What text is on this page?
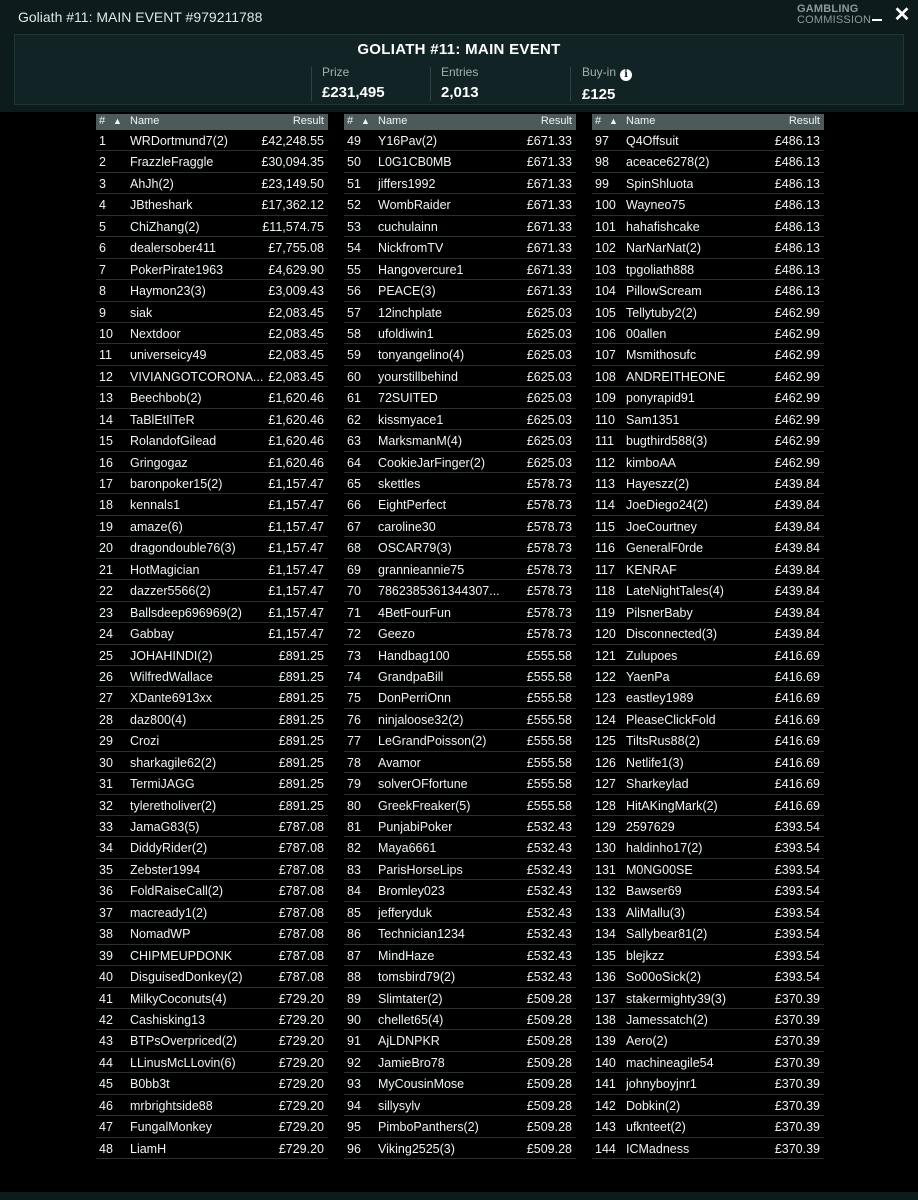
Goliath #11: MAIN EVENT #979211788	GAMBLING
COMMISSION ✕
GOLIATH #11: MAIN EVENT
Prize
£231,495
Entries
2,013
Buy-in i
£125
# ▲ Name	Result
1 WRDortmund7(2)	£42,248.55
2 FrazzleFraggle	£30,094.35
3 AhJh(2)	£23,149.50
4 JBtheshark	£17,362.12
5 ChiZhang(2)	£11,574.75
6 dealersober411	£7,755.08
7 PokerPirate1963	£4,629.90
8 Haymon23(3)	£3,009.43
9 siak	£2,083.45
10 Nextdoor	£2,083.45
11 universeicy49	£2,083.45
12 VIVIANGOTCORONA... £2,083.45
13 Beechbob(2)	£1,620.46
14 TaBlEtIlTeR	£1,620.46
15 RolandofGilead	£1,620.46
16 Gringogaz	£1,620.46
17 baronpoker15(2)	£1,157.47
18 kennals1	£1,157.47
19 amaze(6)	£1,157.47
20 dragondouble76(3)	£1,157.47
21 HotMagician	£1,157.47
22 dazzer5566(2)	£1,157.47
23 Ballsdeep696969(2) £1,157.47
24 Gabbay	£1,157.47
25 JOHAHINDI(2)	£891.25
26 WilfredWallace	£891.25
27 XDante6913xx	£891.25
28 daz800(4)	£891.25
29 Crozi	£891.25
30 sharkagile62(2)	£891.25
31 TermiJAGG	£891.25
32 tyleretholiver(2)	£891.25
33 JamaG83(5)	£787.08
34 DiddyRider(2)	£787.08
35 Zebster1994	£787.08
36 FoldRaiseCall(2)	£787.08
37 macready1(2)	£787.08
38 NomadWP	£787.08
39 CHIPMEUPDONK	£787.08
40 DisguisedDonkey(2)	£787.08
41 MilkyCoconuts(4)	£729.20
42 Cashisking13	£729.20
43 BTPsOverpriced(2)	£729.20
44 LLinusMcLLovin(6)	£729.20
45 B0bb3t	£729.20
46 mrbrightside88	£729.20
47 FungalMonkey	£729.20
48 LiamH	£729.20
# ▲ Name	Result
49 Y16Pav(2)	£671.33
50 L0G1CB0MB	£671.33
51 jiffers1992	£671.33
52 WombRaider	£671.33
53 cuchulainn	£671.33
54 NickfromTV	£671.33
55 Hangovercure1	£671.33
56 PEACE(3)	£671.33
57 12inchplate	£625.03
58 ufoldiwin1	£625.03
59 tonyangelino(4)	£625.03
60 yourstillbehind	£625.03
61 72SUITED	£625.03
62 kissmyace1	£625.03
63 MarksmanM(4)	£625.03
64 CookieJarFinger(2)	£625.03
65 skettles	£578.73
66 EightPerfect	£578.73
67 caroline30	£578.73
68 OSCAR79(3)	£578.73
69 grannieannie75	£578.73
70 7862385361344307... £578.73
71 4BetFourFun	£578.73
72 Geezo	£578.73
73 Handbag100	£555.58
74 GrandpaBill	£555.58
75 DonPerriOnn	£555.58
76 ninjaloose32(2)	£555.58
77 LeGrandPoisson(2)	£555.58
78 Avamor	£555.58
79 solverOFfortune	£555.58
80 GreekFreaker(5)	£555.58
81 PunjabiPoker	£532.43
82 Maya6661	£532.43
83 ParisHorseLips	£532.43
84 Bromley023	£532.43
85 jefferyduk	£532.43
86 Technician1234	£532.43
87 MindHaze	£532.43
88 tomsbird79(2)	£532.43
89 Slimtater(2)	£509.28
90 chellet65(4)	£509.28
91 AjLDNPKR	£509.28
92 JamieBro78	£509.28
93 MyCousinMose	£509.28
94 sillysylv	£509.28
95 PimboPanthers(2)	£509.28
96 Viking2525(3)	£509.28
# ▲ Name	Result
97 Q4Offsuit	£486.13
98 aceace6278(2)	£486.13
99 SpinShluota	£486.13
100 Wayneo75	£486.13
101 hahafishcake	£486.13
102 NarNarNat(2)	£486.13
103 tpgoliath888	£486.13
104 PillowScream	£486.13
105 Tellytuby2(2)	£462.99
106 00allen	£462.99
107 Msmithosufc	£462.99
108 ANDREITHEONE	£462.99
109 ponyrapid91	£462.99
110 Sam1351	£462.99
111 bugthird588(3)	£462.99
112 kimboAA	£462.99
113 Hayeszz(2)	£439.84
114 JoeDiego24(2)	£439.84
115 JoeCourtney	£439.84
116 GeneralF0rde	£439.84
117 KENRAF	£439.84
118 LateNightTales(4)	£439.84
119 PilsnerBaby	£439.84
120 Disconnected(3)	£439.84
121 Zulupoes	£416.69
122 YaenPa	£416.69
123 eastley1989	£416.69
124 PleaseClickFold	£416.69
125 TiltsRus88(2)	£416.69
126 Netlife1(3)	£416.69
127 Sharkeylad	£416.69
128 HitAKingMark(2)	£416.69
129 2597629	£393.54
130 haldinho17(2)	£393.54
131 M0NG00SE	£393.54
132 Bawser69	£393.54
133 AliMallu(3)	£393.54
134 Sallybear81(2)	£393.54
135 blejkzz	£393.54
136 So00oSick(2)	£393.54
137 stakermighty39(3)	£370.39
138 Jamessatch(2)	£370.39
139 Aero(2)	£370.39
140 machineagile54	£370.39
141 johnyboyjnr1	£370.39
142 Dobkin(2)	£370.39
143 ufknteet(2)	£370.39
144 ICMadness	£370.39
